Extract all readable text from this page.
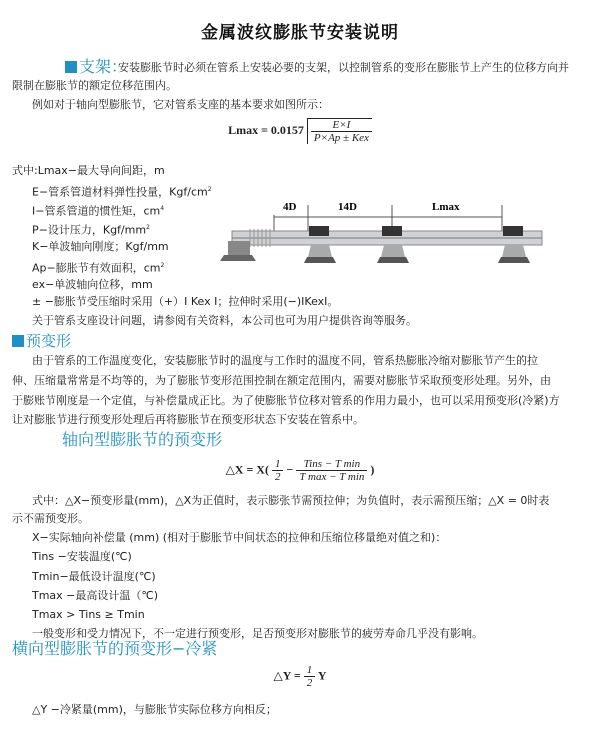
金属波纹膨胀节安装说明
支架：
安装膨胀节时必须在管系上安装必要的支架，以控制管系的变形在膨胀节上产生的位移方向并
限制在膨胀节的额定位移范围内。
例如对于轴向型膨胀节，它对管系支座的基本要求如图所示：
$Lmax = 0.0157 \frac{E\times I}{\text{P×Ap ± Kex}}$
式中:Lmax−最大导向间距，m
E−管系管道材料弹性投量，Kgf/$cm^2$
I−管系管道的惯性矩，$cm^4$
P−设计压力，Kgf/$mm^2$
K−单波轴向刚度；Kgf/mm
Ap−膨胀节有效面积，$cm^2$
ex−单波轴向位移，mm
± −膨胀节受压缩时采用（+）I Kex I；拉伸时采用(−)IKexI。
关于管系支座设计问题，请参阅有关资料，本公司也可为用户提供咨询等服务。
4D	14D	Lmax
预变形
由于管系的工作温度变化，安装膨胀节时的温度与工作时的温度不同，管系热膨胀冷缩对膨胀节产生的拉
伸、压缩量常常是不均等的，为了膨胀节变形范围控制在额定范围内，需要对膨胀节采取预变形处理。另外，由
于膨账节刚度是一个定值，与补偿量成正比。为了使膨胀节位移对管系的作用力最小，也可以采用预变形(冷紧)方
让对膨胀节进行预变形处理后再将膨胀节在预变形状态下安装在管系中。
轴向型膨胀节的预变形
△X = $X( \frac{1}{2} - \frac{\text{Tins − T min}}{\text{T max − T min}}$ )
式中：△X−预变形量(mm)，△X为正值时，表示膨张节需预拉伸；为负值时，表示需预压缩；△X = 0时表
示不需预变形。
X−实际轴向补偿量 (mm) (相对于膨胀节中间状态的拉伸和压缩位移量绝对值之和)：
Tins −安装温度(℃)
Tmin−最低设计温度(℃)
Tmax −最高设计温（℃)
Tmax > Tins ≥ Tmin
一般变形和受力情况下，不一定进行预变形，足否预变形对膨胀节的疲劳寿命几乎没有影响。
横向型膨胀节的预变形−冷紧
△Y = $\frac{1}{2}$ Y
△Y −冷紧量(mm)，与膨胀节实际位移方向相反；
